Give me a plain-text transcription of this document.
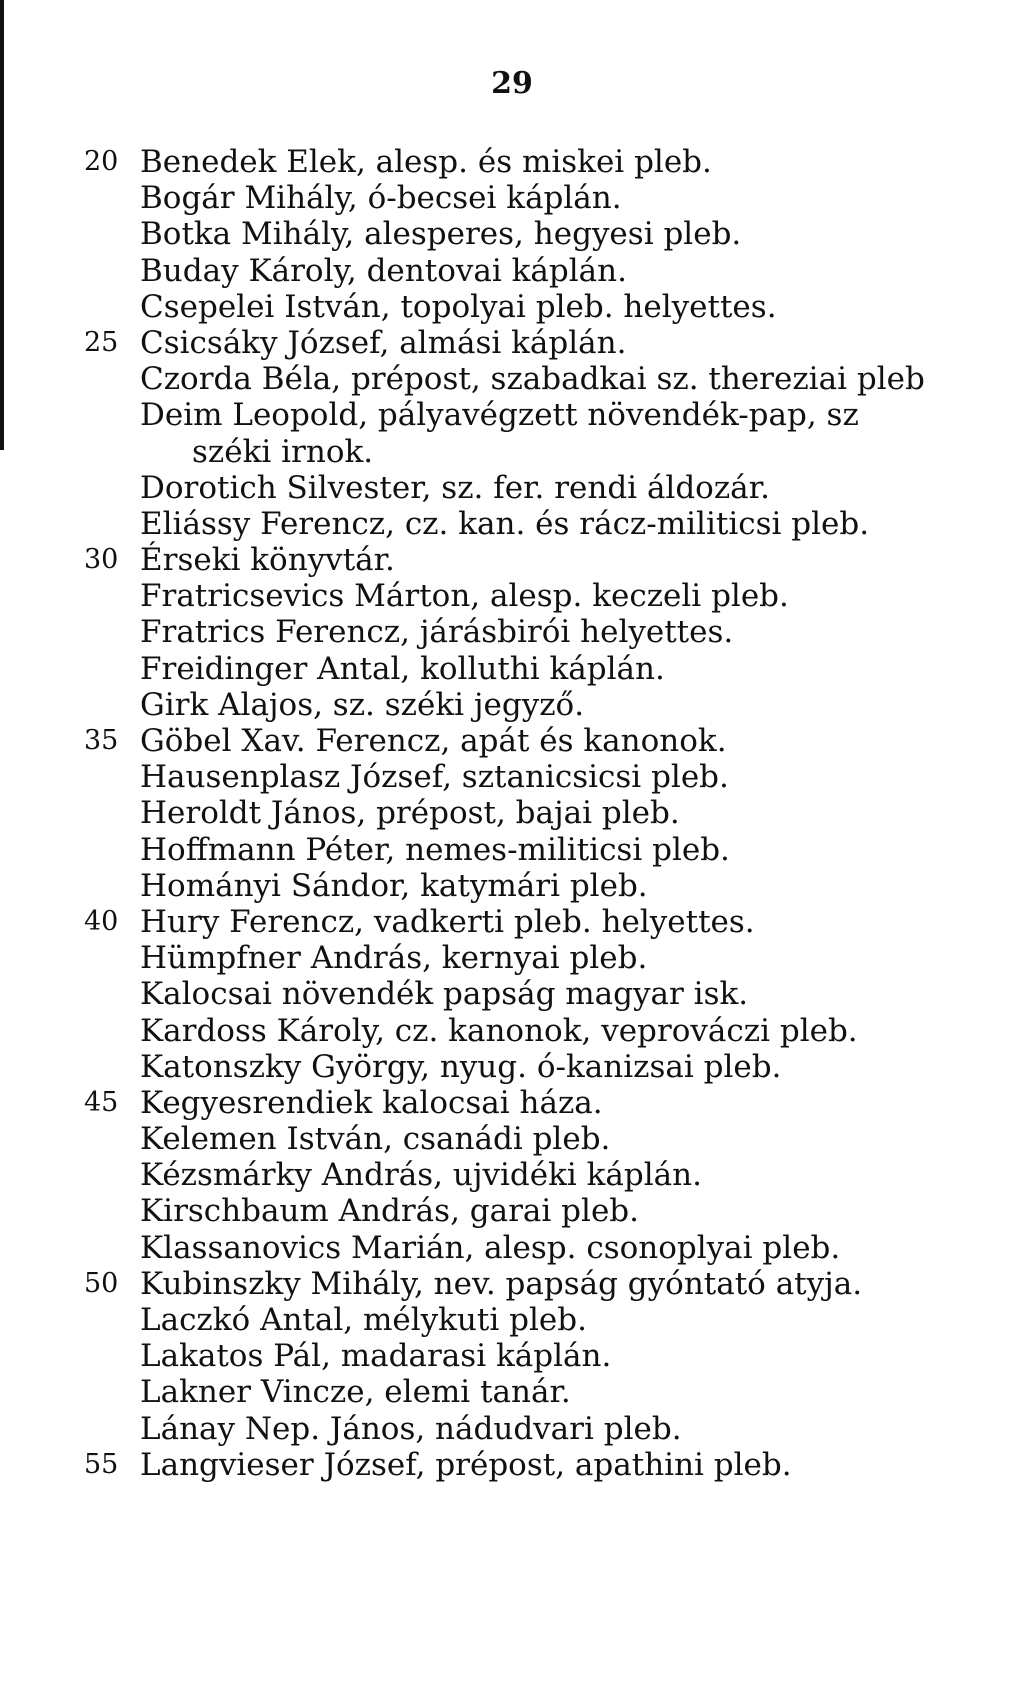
29
20 Benedek Elek, alesp. és miskei pleb.
Bogár Mihály, ó-becsei káplán.
Botka Mihály, alesperes, hegyesi pleb.
Buday Károly, dentovai káplán.
Csepelei István, topolyai pleb. helyettes.
25 Csicsáky József, almási káplán.
Czorda Béla, prépost, szabadkai sz. thereziai pleb
Deim Leopold, pályavégzett növendék-pap, sz
széki irnok.
Dorotich Silvester, sz. fer. rendi áldozár.
Eliássy Ferencz, cz. kan. és rácz-militicsi pleb.
30 Érseki könyvtár.
Fratricsevics Márton, alesp. keczeli pleb.
Fratrics Ferencz, járásbirói helyettes.
Freidinger Antal, kolluthi káplán.
Girk Alajos, sz. széki jegyző.
35 Göbel Xav. Ferencz, apát és kanonok.
Hausenplasz József, sztanicsicsi pleb.
Heroldt János, prépost, bajai pleb.
Hoffmann Péter, nemes-militicsi pleb.
Hományi Sándor, katymári pleb.
40 Hury Ferencz, vadkerti pleb. helyettes.
Hümpfner András, kernyai pleb.
Kalocsai növendék papság magyar isk.
Kardoss Károly, cz. kanonok, veprováczi pleb.
Katonszky György, nyug. ó-kanizsai pleb.
45 Kegyesrendiek kalocsai háza.
Kelemen István, csanádi pleb.
Kézsmárky András, ujvidéki káplán.
Kirschbaum András, garai pleb.
Klassanovics Marián, alesp. csonoplyai pleb.
50 Kubinszky Mihály, nev. papság gyóntató atyja.
Laczkó Antal, mélykuti pleb.
Lakatos Pál, madarasi káplán.
Lakner Vincze, elemi tanár.
Lánay Nep. János, nádudvari pleb.
55 Langvieser József, prépost, apathini pleb.
